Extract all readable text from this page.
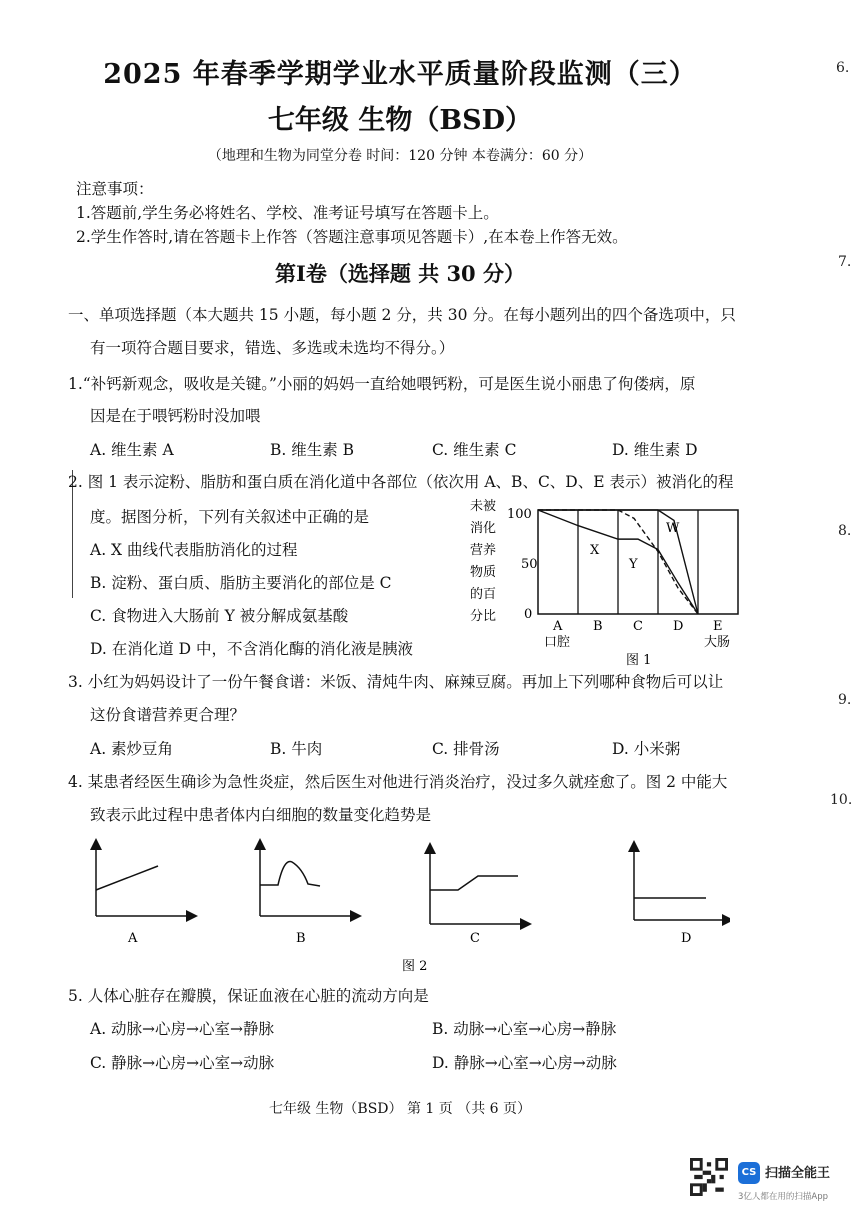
2025 年春季学期学业水平质量阶段监测（三）
七年级 生物（BSD）
（地理和生物为同堂分卷 时间：120 分钟 本卷满分：60 分）
注意事项：
1.答题前,学生务必将姓名、学校、准考证号填写在答题卡上。
2.学生作答时,请在答题卡上作答（答题注意事项见答题卡）,在本卷上作答无效。
第Ⅰ卷（选择题 共 30 分）
一、单项选择题（本大题共 15 小题，每小题 2 分，共 30 分。在每小题列出的四个备选项中，只
有一项符合题目要求，错选、多选或未选均不得分。）
1.“补钙新观念，吸收是关键。”小丽的妈妈一直给她喂钙粉，可是医生说小丽患了佝偻病，原
因是在于喂钙粉时没加喂
A. 维生素 A	B. 维生素 B	C. 维生素 C	D. 维生素 D
2. 图 1 表示淀粉、脂肪和蛋白质在消化道中各部位（依次用 A、B、C、D、E 表示）被消化的程
度。据图分析，下列有关叙述中正确的是
A. X 曲线代表脂肪消化的过程
B. 淀粉、蛋白质、脂肪主要消化的部位是 C
C. 食物进入大肠前 Y 被分解成氨基酸
D. 在消化道 D 中，不含消化酶的消化液是胰液
未被
消化
营养
物质
的百
分比
100
50
0
X
Y
W
A
口腔
B C D E
大肠
图 1
3. 小红为妈妈设计了一份午餐食谱：米饭、清炖牛肉、麻辣豆腐。再加上下列哪种食物后可以让
这份食谱营养更合理？
A. 素炒豆角	B. 牛肉	C. 排骨汤	D. 小米粥
4. 某患者经医生确诊为急性炎症，然后医生对他进行消炎治疗，没过多久就痊愈了。图 2 中能大
致表示此过程中患者体内白细胞的数量变化趋势是
A	B	C	D
图 2
5. 人体心脏存在瓣膜，保证血液在心脏的流动方向是
A. 动脉→心房→心室→静脉	B. 动脉→心室→心房→静脉
C. 静脉→心房→心室→动脉	D. 静脉→心室→心房→动脉
七年级 生物（BSD） 第 1 页 （共 6 页）
6.
7.
8.
9.
10.
CS 扫描全能王
3亿人都在用的扫描App
